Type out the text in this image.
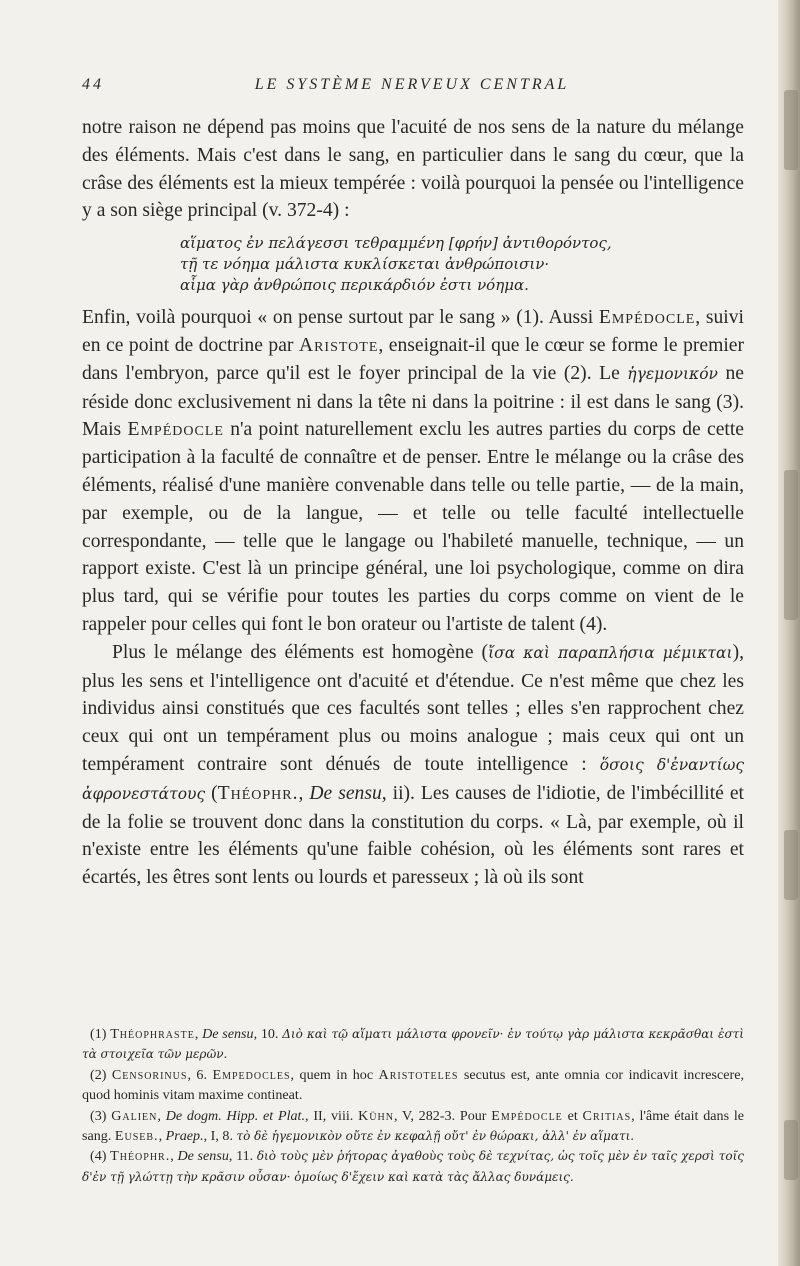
44	LE SYSTÈME NERVEUX CENTRAL

notre raison ne dépend pas moins que l'acuité de nos sens de la nature du mélange des éléments. Mais c'est dans le sang, en particulier dans le sang du cœur, que la crâse des éléments est la mieux tempérée : voilà pourquoi la pensée ou l'intelligence y a son siège principal (v. 372-4) :

αἵματος ἐν πελάγεσσι τεθραμμένη [φρήν] ἀντιθορόντος,
τῇ τε νόημα μάλιστα κυκλίσκεται ἀνθρώποισιν·
αἷμα γὰρ ἀνθρώποις περικάρδιόν ἐστι νόημα.

Enfin, voilà pourquoi « on pense surtout par le sang » (1). Aussi Empédocle, suivi en ce point de doctrine par Aristote, enseignait-il que le cœur se forme le premier dans l'embryon, parce qu'il est le foyer principal de la vie (2). Le ἡγεμονικόν ne réside donc exclusivement ni dans la tête ni dans la poitrine : il est dans le sang (3). Mais Empédocle n'a point naturellement exclu les autres parties du corps de cette participation à la faculté de connaître et de penser. Entre le mélange ou la crâse des éléments, réalisé d'une manière convenable dans telle ou telle partie, — de la main, par exemple, ou de la langue, — et telle ou telle faculté intellectuelle correspondante, — telle que le langage ou l'habileté manuelle, technique, — un rapport existe. C'est là un principe général, une loi psychologique, comme on dira plus tard, qui se vérifie pour toutes les parties du corps comme on vient de le rappeler pour celles qui font le bon orateur ou l'artiste de talent (4).

Plus le mélange des éléments est homogène (ἴσα καὶ παραπλήσια μέμικται), plus les sens et l'intelligence ont d'acuité et d'étendue. Ce n'est même que chez les individus ainsi constitués que ces facultés sont telles ; elles s'en rapprochent chez ceux qui ont un tempérament plus ou moins analogue ; mais ceux qui ont un tempérament contraire sont dénués de toute intelligence : ὅσοις δ'ἐναντίως ἀφρονεστάτους (Théophr., De sensu, ii). Les causes de l'idiotie, de l'imbécillité et de la folie se trouvent donc dans la constitution du corps. « Là, par exemple, où il n'existe entre les éléments qu'une faible cohésion, où les éléments sont rares et écartés, les êtres sont lents ou lourds et paresseux ; là où ils sont

(1) Théophraste, De sensu, 10. Διὸ καὶ τῷ αἵματι μάλιστα φρονεῖν· ἐν τούτῳ γὰρ μάλιστα κεκρᾶσθαι ἐστὶ τὰ στοιχεῖα τῶν μερῶν.

(2) Censorinus, 6. Empedocles, quem in hoc Aristoteles secutus est, ante omnia cor indicavit increscere, quod hominis vitam maxime contineat.

(3) Galien, De dogm. Hipp. et Plat., II, viii. Kühn, V, 282-3. Pour Empédocle et Critias, l'âme était dans le sang. Euseb., Praep., I, 8. τὸ δὲ ἡγεμονικὸν οὔτε ἐν κεφαλῇ οὔτ' ἐν θώρακι, ἀλλ' ἐν αἵματι.

(4) Théophr., De sensu, 11. διὸ τοὺς μὲν ῥήτορας ἀγαθοὺς τοὺς δὲ τεχνίτας, ὡς τοῖς μὲν ἐν ταῖς χερσὶ τοῖς δ'ἐν τῇ γλώττῃ τὴν κρᾶσιν οὖσαν· ὁμοίως δ'ἔχειν καὶ κατὰ τὰς ἄλλας δυνάμεις.
